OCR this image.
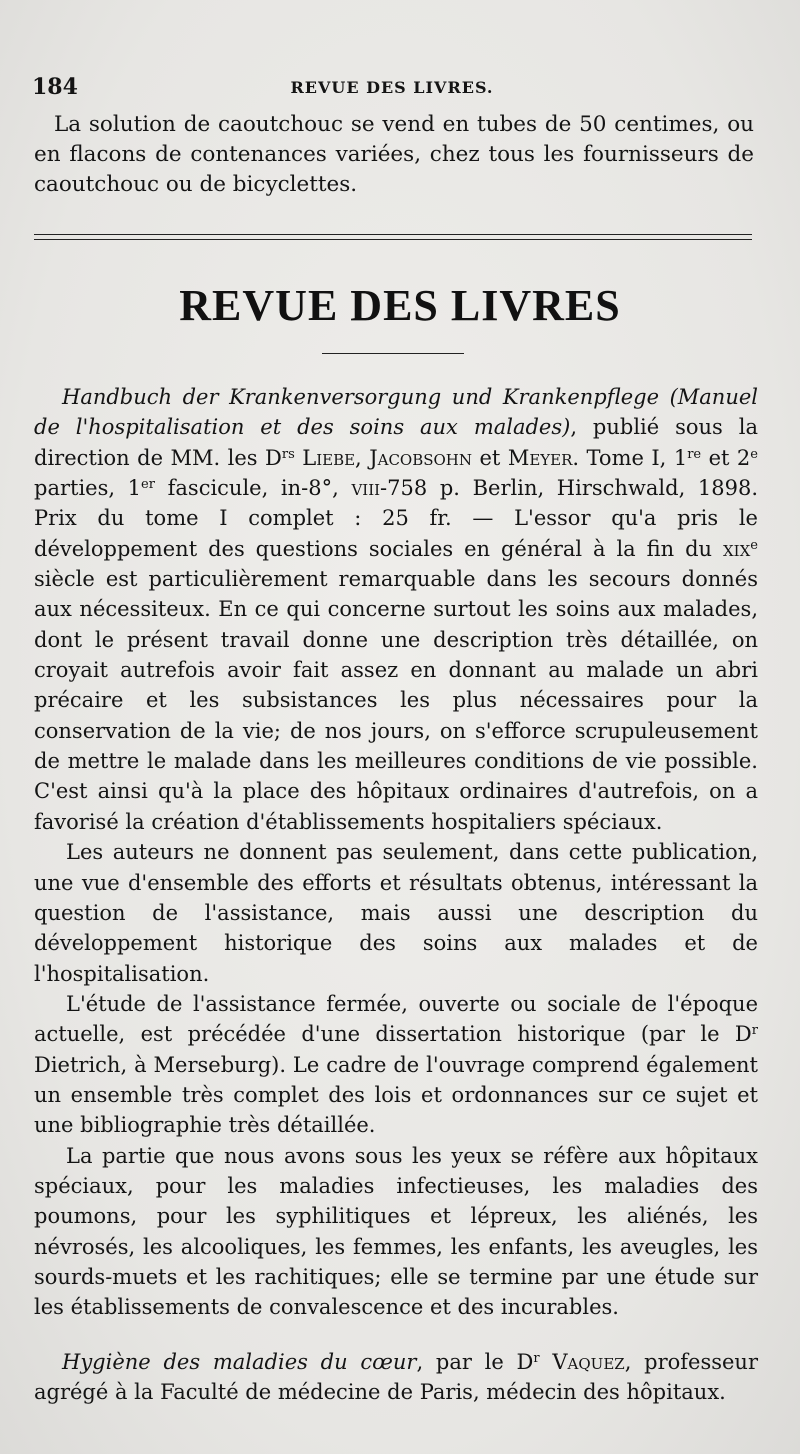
184	REVUE DES LIVRES.

La solution de caoutchouc se vend en tubes de 50 centimes, ou en flacons de contenances variées, chez tous les fournisseurs de caoutchouc ou de bicyclettes.

REVUE DES LIVRES

Handbuch der Krankenversorgung und Krankenpflege (Manuel de l'hospitalisation et des soins aux malades), publié sous la direction de MM. les $D^{rs}$ Liebe, Jacobsohn et Meyer. Tome I, 1re et 2e parties, 1er fascicule, in-8°, viii-758 p. Berlin, Hirschwald, 1898. Prix du tome I complet : 25 fr. — L'essor qu'a pris le développement des questions sociales en général à la fin du xix$^e$ siècle est particulièrement remarquable dans les secours donnés aux nécessiteux. En ce qui concerne surtout les soins aux malades, dont le présent travail donne une description très détaillée, on croyait autrefois avoir fait assez en donnant au malade un abri précaire et les subsistances les plus nécessaires pour la conservation de la vie; de nos jours, on s'efforce scrupuleusement de mettre le malade dans les meilleures conditions de vie possible. C'est ainsi qu'à la place des hôpitaux ordinaires d'autrefois, on a favorisé la création d'établissements hospitaliers spéciaux.

Les auteurs ne donnent pas seulement, dans cette publication, une vue d'ensemble des efforts et résultats obtenus, intéressant la question de l'assistance, mais aussi une description du développement historique des soins aux malades et de l'hospitalisation.

L'étude de l'assistance fermée, ouverte ou sociale de l'époque actuelle, est précédée d'une dissertation historique (par le $D^r$ Dietrich, à Merseburg). Le cadre de l'ouvrage comprend également un ensemble très complet des lois et ordonnances sur ce sujet et une bibliographie très détaillée.

La partie que nous avons sous les yeux se réfère aux hôpitaux spéciaux, pour les maladies infectieuses, les maladies des poumons, pour les syphilitiques et lépreux, les aliénés, les névrosés, les alcooliques, les femmes, les enfants, les aveugles, les sourds-muets et les rachitiques; elle se termine par une étude sur les établissements de convalescence et des incurables.

Hygiène des maladies du cœur, par le $D^r$ Vaquez, professeur agrégé à la Faculté de médecine de Paris, médecin des hôpitaux.
